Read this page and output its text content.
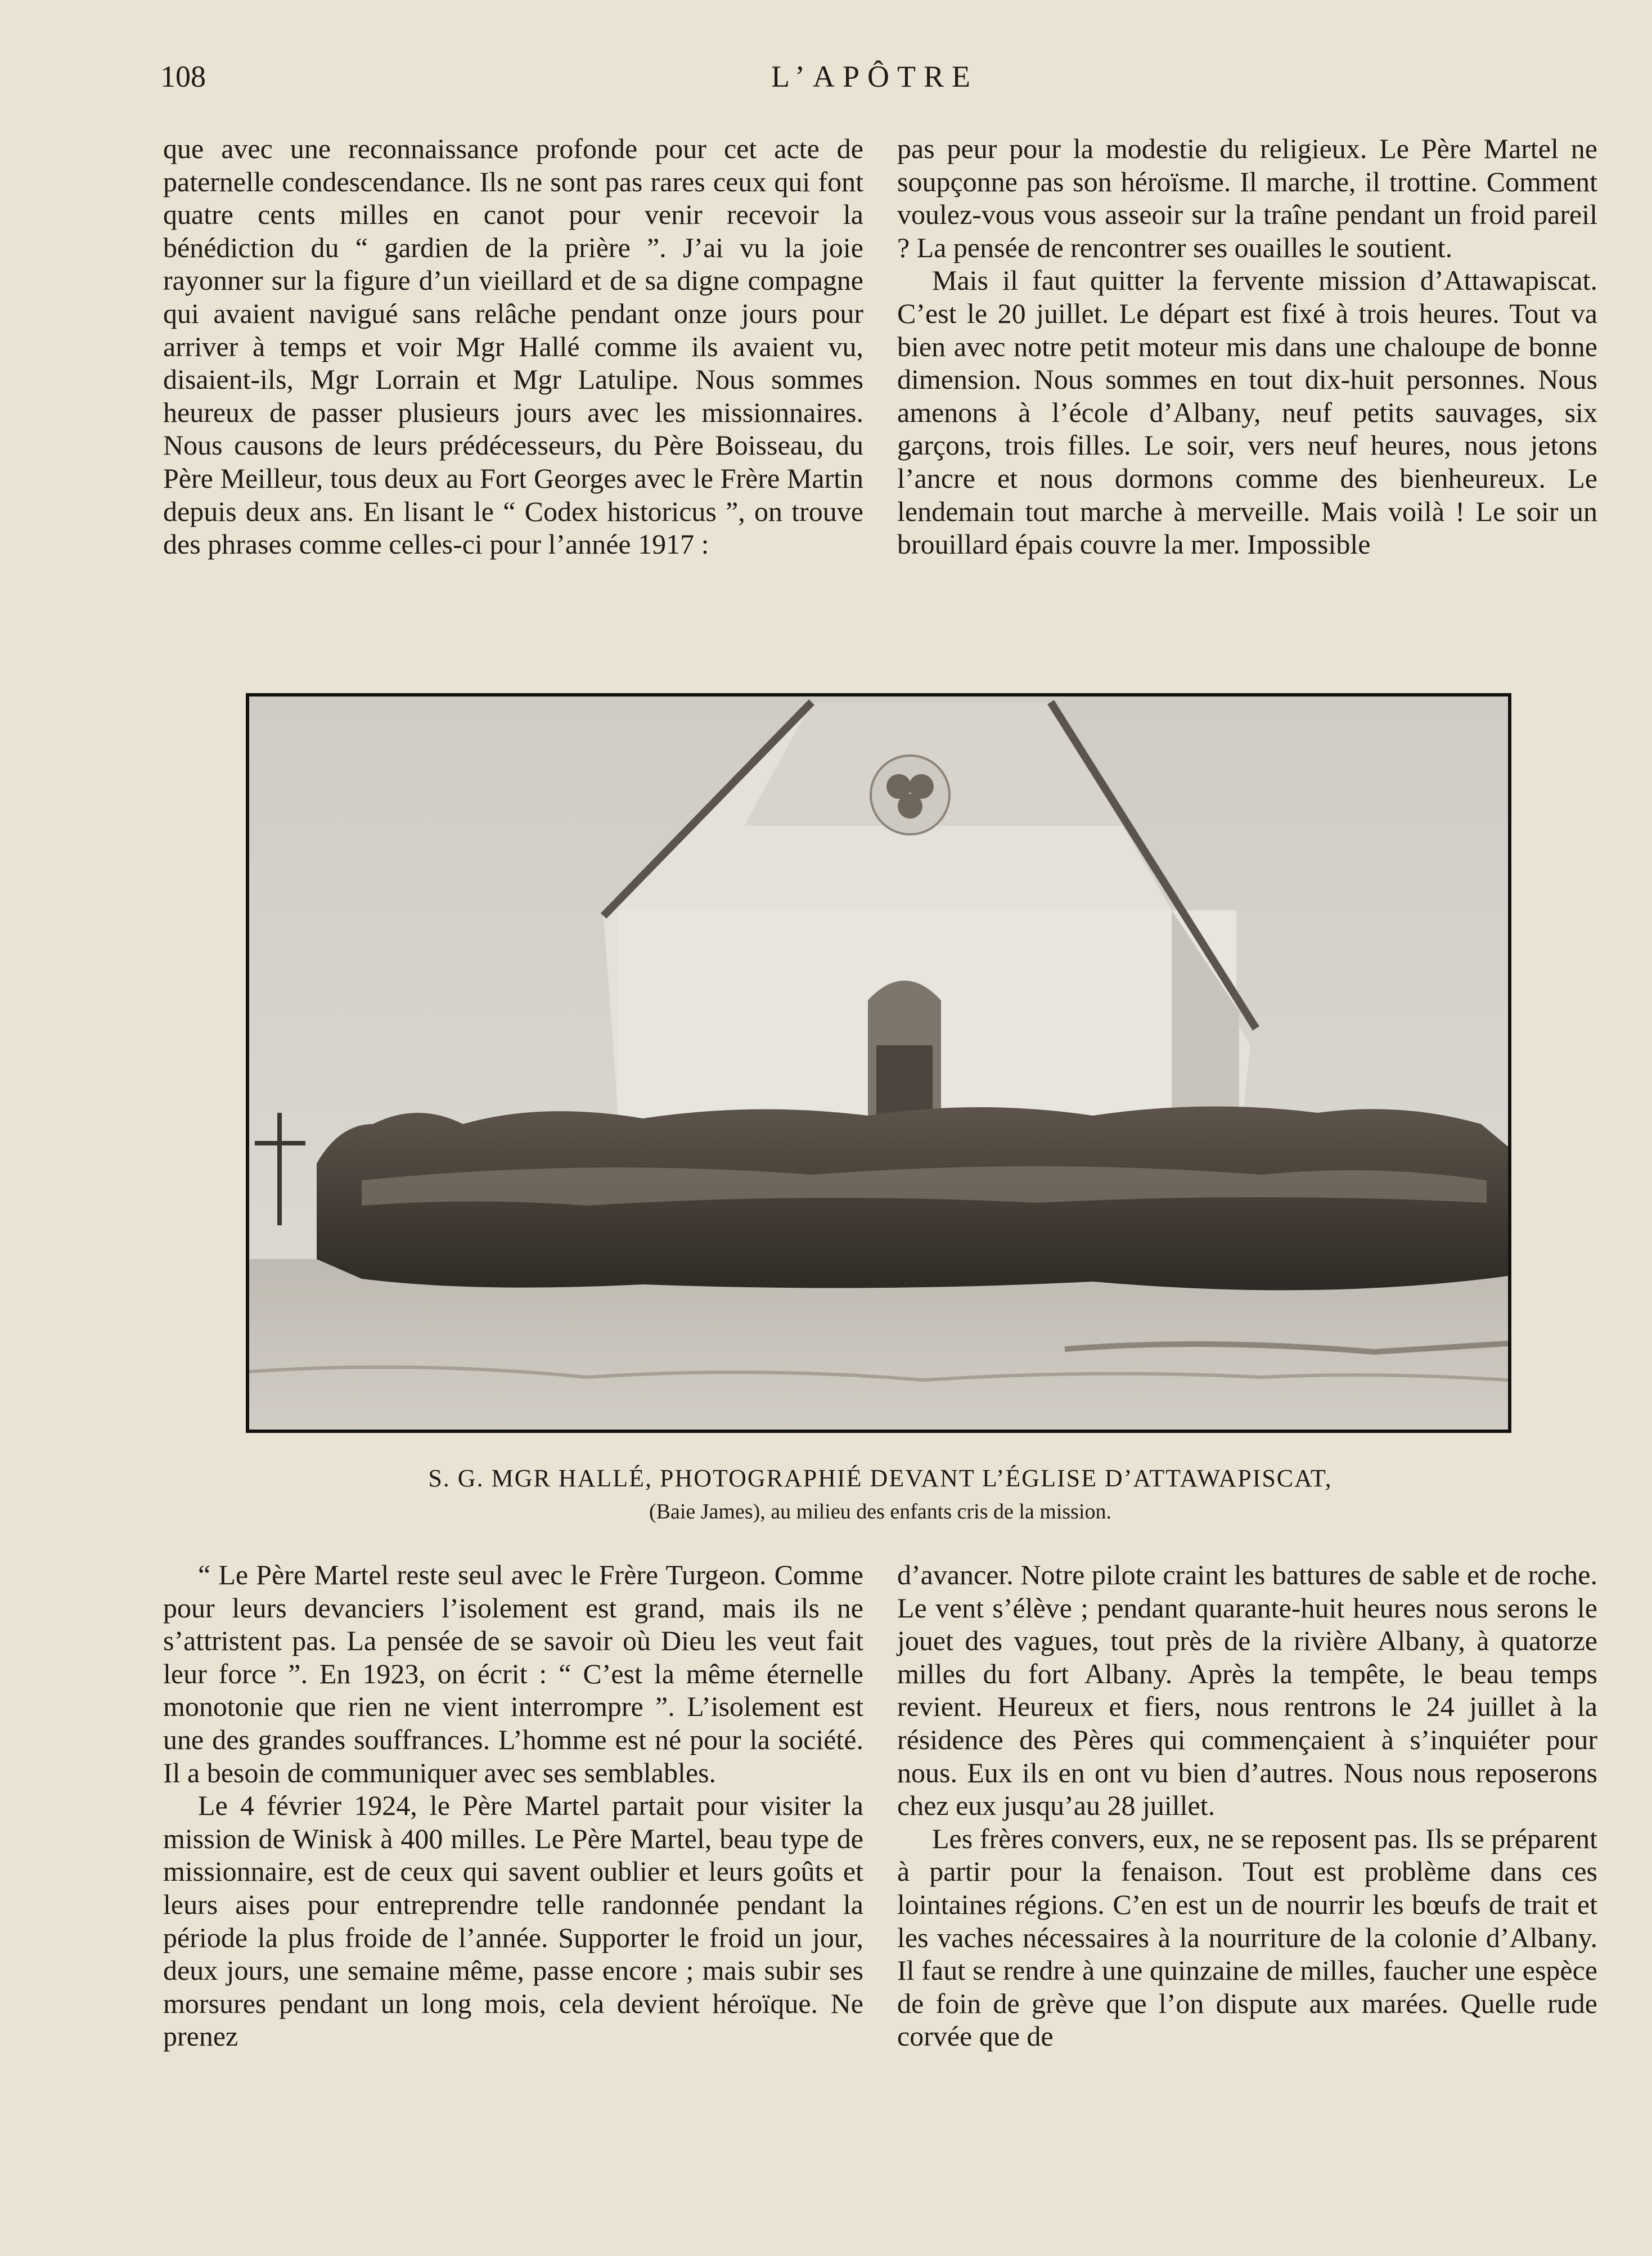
108	L’APÔTRE

que avec une reconnaissance profonde pour cet acte de paternelle condescendance. Ils ne sont pas rares ceux qui font quatre cents milles en canot pour venir recevoir la bénédiction du “ gardien de la prière ”. J’ai vu la joie rayonner sur la figure d’un vieillard et de sa digne compagne qui avaient navigué sans relâche pendant onze jours pour arriver à temps et voir Mgr Hallé comme ils avaient vu, disaient-ils, Mgr Lorrain et Mgr Latulipe. Nous sommes heureux de passer plusieurs jours avec les missionnaires. Nous causons de leurs prédécesseurs, du Père Boisseau, du Père Meilleur, tous deux au Fort Georges avec le Frère Martin depuis deux ans. En lisant le “ Codex historicus ”, on trouve des phrases comme celles-ci pour l’année 1917 :

pas peur pour la modestie du religieux. Le Père Martel ne soupçonne pas son héroïsme. Il marche, il trottine. Comment voulez-vous vous asseoir sur la traîne pendant un froid pareil ? La pensée de rencontrer ses ouailles le soutient.

Mais il faut quitter la fervente mission d’Attawapiscat. C’est le 20 juillet. Le départ est fixé à trois heures. Tout va bien avec notre petit moteur mis dans une chaloupe de bonne dimension. Nous sommes en tout dix-huit personnes. Nous amenons à l’école d’Albany, neuf petits sauvages, six garçons, trois filles. Le soir, vers neuf heures, nous jetons l’ancre et nous dormons comme des bienheureux. Le lendemain tout marche à merveille. Mais voilà ! Le soir un brouillard épais couvre la mer. Impossible

S. G. MGR HALLÉ, PHOTOGRAPHIÉ DEVANT L’ÉGLISE D’ATTAWAPISCAT,
(Baie James), au milieu des enfants cris de la mission.

“ Le Père Martel reste seul avec le Frère Turgeon. Comme pour leurs devanciers l’isolement est grand, mais ils ne s’attristent pas. La pensée de se savoir où Dieu les veut fait leur force ”. En 1923, on écrit : “ C’est la même éternelle monotonie que rien ne vient interrompre ”. L’isolement est une des grandes souffrances. L’homme est né pour la société. Il a besoin de communiquer avec ses semblables.

Le 4 février 1924, le Père Martel partait pour visiter la mission de Winisk à 400 milles. Le Père Martel, beau type de missionnaire, est de ceux qui savent oublier et leurs goûts et leurs aises pour entreprendre telle randonnée pendant la période la plus froide de l’année. Supporter le froid un jour, deux jours, une semaine même, passe encore ; mais subir ses morsures pendant un long mois, cela devient héroïque. Ne prenez

d’avancer. Notre pilote craint les battures de sable et de roche. Le vent s’élève ; pendant quarante-huit heures nous serons le jouet des vagues, tout près de la rivière Albany, à quatorze milles du fort Albany. Après la tempête, le beau temps revient. Heureux et fiers, nous rentrons le 24 juillet à la résidence des Pères qui commençaient à s’inquiéter pour nous. Eux ils en ont vu bien d’autres. Nous nous reposerons chez eux jusqu’au 28 juillet.

Les frères convers, eux, ne se reposent pas. Ils se préparent à partir pour la fenaison. Tout est problème dans ces lointaines régions. C’en est un de nourrir les bœufs de trait et les vaches nécessaires à la nourriture de la colonie d’Albany. Il faut se rendre à une quinzaine de milles, faucher une espèce de foin de grève que l’on dispute aux marées. Quelle rude corvée que de
